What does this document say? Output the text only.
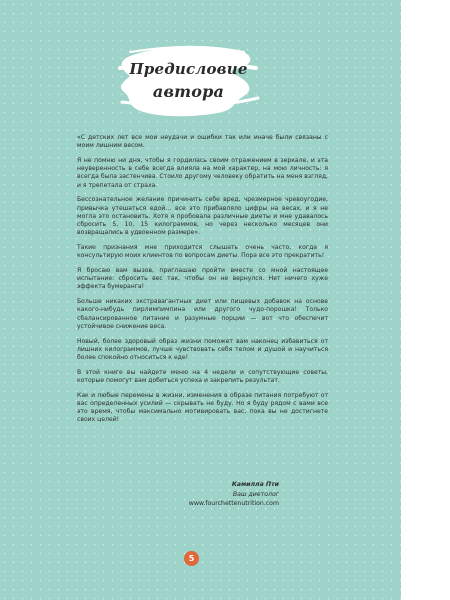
Предисловие
автора

«С детских лет все мои неудачи и ошибки так или иначе были связаны с моим лишним весом.

Я не помню ни дня, чтобы я гордилась своим отражением в зеркале, и эта неуверенность в себе всегда влияла на мой характер, на мою личность: я всегда была застенчива. Стоило другому человеку обратить на меня взгляд, и я трепетала от страха.

Бессознательное желание причинить себе вред, чрезмерное чревоугодие, привычка утешаться едой… все это прибавляло цифры на весах, и я не могла это остановить. Хотя я пробовала различные диеты и мне удавалось сбросить 5, 10, 15 килограммов, но через несколько месяцев они возвращались в удвоенном размере».

Такие признания мне приходится слышать очень часто, когда я консультирую моих клиентов по вопросам диеты. Пора все это прекратить!

Я бросаю вам вызов, приглашаю пройти вместе со мной настоящее испытание: сбросить вес так, чтобы он не вернулся. Нет ничего хуже эффекта бумеранга!

Больше никаких экстравагантных диет или пищевых добавок на основе какого-нибудь пирлимпимпина или другого чудо-порошка! Только сбалансированное питание и разумные порции — вот что обеспечит устойчивое снижение веса.

Новый, более здоровый образ жизни поможет вам наконец избавиться от лишних килограммов, лучше чувствовать себя телом и душой и научиться более спокойно относиться к еде!

В этой книге вы найдете меню на 4 недели и сопутствующие советы, которые помогут вам добиться успеха и закрепить результат.

Как и любые перемены в жизни, изменения в образе питания потребуют от вас определенных усилий — скрывать не буду. Но я буду рядом с вами все это время, чтобы максимально мотивировать вас, пока вы не достигнете своих целей!

Камилла Пти
Ваш диетолог
www.fourchettenutrition.com
5
